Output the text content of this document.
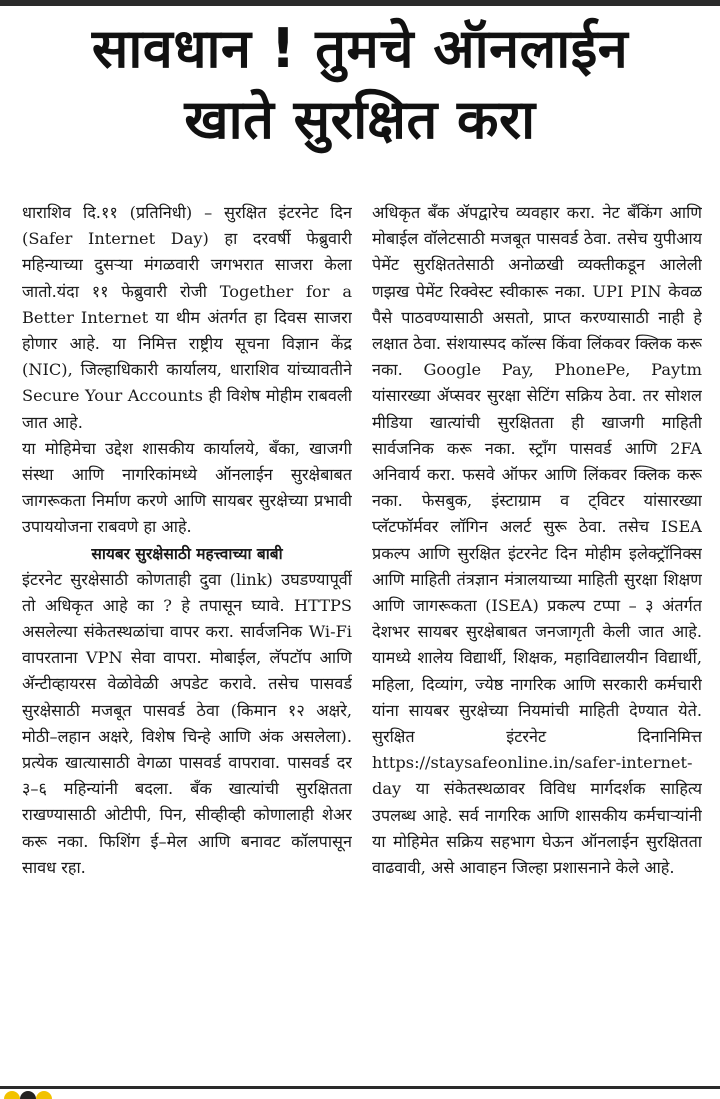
सावधान ! तुमचे ऑनलाईन
खाते सुरक्षित करा

धाराशिव दि.११ (प्रतिनिधी) – सुरक्षित इंटरनेट दिन (Safer Internet Day) हा दरवर्षी फेब्रुवारी महिन्याच्या दुसऱ्या मंगळवारी जगभरात साजरा केला जातो.यंदा ११ फेब्रुवारी रोजी Together for a Better Internet या थीम अंतर्गत हा दिवस साजरा होणार आहे. या निमित्त राष्ट्रीय सूचना विज्ञान केंद्र (NIC), जिल्हाधिकारी कार्यालय, धाराशिव यांच्यावतीने Secure Your Accounts ही विशेष मोहीम राबवली जात आहे.

या मोहिमेचा उद्देश शासकीय कार्यालये, बँका, खाजगी संस्था आणि नागरिकांमध्ये ऑनलाईन सुरक्षेबाबत जागरूकता निर्माण करणे आणि सायबर सुरक्षेच्या प्रभावी उपाययोजना राबवणे हा आहे.

सायबर सुरक्षेसाठी महत्त्वाच्या बाबी

इंटरनेट सुरक्षेसाठी कोणताही दुवा (link) उघडण्यापूर्वी तो अधिकृत आहे का ? हे तपासून घ्यावे. HTTPS असलेल्या संकेतस्थळांचा वापर करा. सार्वजनिक Wi-Fi वापरताना VPN सेवा वापरा. मोबाईल, लॅपटॉप आणि ॲन्टीव्हायरस वेळोवेळी अपडेट करावे. तसेच पासवर्ड सुरक्षेसाठी मजबूत पासवर्ड ठेवा (किमान १२ अक्षरे, मोठी–लहान अक्षरे, विशेष चिन्हे आणि अंक असलेला). प्रत्येक खात्यासाठी वेगळा पासवर्ड वापरावा. पासवर्ड दर ३–६ महिन्यांनी बदला. बँक खात्यांची सुरक्षितता राखण्यासाठी ओटीपी, पिन, सीव्हीव्ही कोणालाही शेअर करू नका. फिशिंग ई–मेल आणि बनावट कॉलपासून सावध रहा.

अधिकृत बँक ॲपद्वारेच व्यवहार करा. नेट बँकिंग आणि मोबाईल वॉलेटसाठी मजबूत पासवर्ड ठेवा. तसेच युपीआय पेमेंट सुरक्षिततेसाठी अनोळखी व्यक्तीकडून आलेली णझख पेमेंट रिक्वेस्ट स्वीकारू नका. UPI PIN केवळ पैसे पाठवण्यासाठी असतो, प्राप्त करण्यासाठी नाही हे लक्षात ठेवा. संशयास्पद कॉल्स किंवा लिंकवर क्लिक करू नका. Google Pay, PhonePe, Paytm यांसारख्या ॲप्सवर सुरक्षा सेटिंग सक्रिय ठेवा. तर सोशल मीडिया खात्यांची सुरक्षितता ही खाजगी माहिती सार्वजनिक करू नका. स्ट्राँग पासवर्ड आणि 2FA अनिवार्य करा. फसवे ऑफर आणि लिंकवर क्लिक करू नका. फेसबुक, इंस्टाग्राम व ट्विटर यांसारख्या प्लॅटफॉर्मवर लॉगिन अलर्ट सुरू ठेवा. तसेच ISEA प्रकल्प आणि सुरक्षित इंटरनेट दिन मोहीम इलेक्ट्रॉनिक्स आणि माहिती तंत्रज्ञान मंत्रालयाच्या माहिती सुरक्षा शिक्षण आणि जागरूकता (ISEA) प्रकल्प टप्पा – ३ अंतर्गत देशभर सायबर सुरक्षेबाबत जनजागृती केली जात आहे. यामध्ये शालेय विद्यार्थी, शिक्षक, महाविद्यालयीन विद्यार्थी, महिला, दिव्यांग, ज्येष्ठ नागरिक आणि सरकारी कर्मचारी यांना सायबर सुरक्षेच्या नियमांची माहिती देण्यात येते. सुरक्षित इंटरनेट दिनानिमित्त https://staysafeonline.in/safer-internet-day या संकेतस्थळावर विविध मार्गदर्शक साहित्य उपलब्ध आहे. सर्व नागरिक आणि शासकीय कर्मचाऱ्यांनी या मोहिमेत सक्रिय सहभाग घेऊन ऑनलाईन सुरक्षितता वाढवावी, असे आवाहन जिल्हा प्रशासनाने केले आहे.
